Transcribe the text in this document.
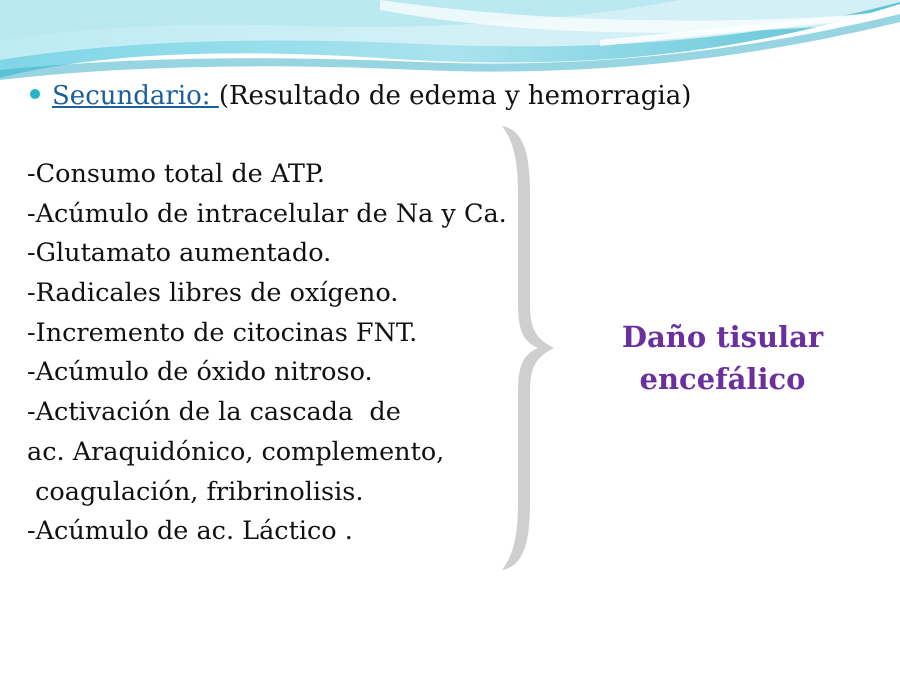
Secundario: (Resultado de edema y hemorragia)
-Consumo total de ATP.
-Acúmulo de intracelular de Na y Ca.
-Glutamato aumentado.
-Radicales libres de oxígeno.
-Incremento de citocinas FNT.
-Acúmulo de óxido nitroso.
-Activación de la cascada  de
ac. Araquidónico, complemento,
coagulación, fribrinolisis.
-Acúmulo de ac. Láctico .
Daño tisular
encefálico
